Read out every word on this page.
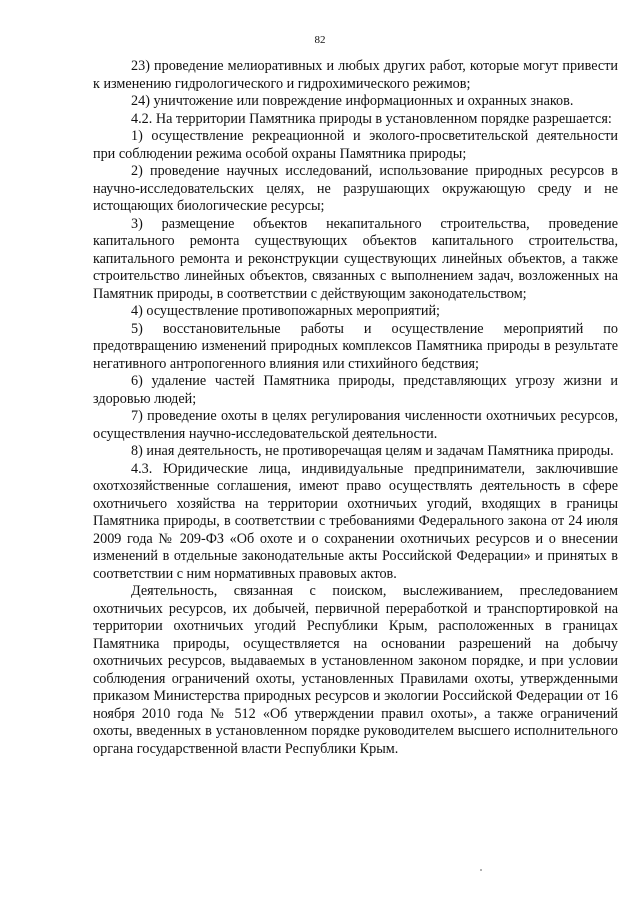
82

23) проведение мелиоративных и любых других работ, которые могут привести к изменению гидрологического и гидрохимического режимов;

24) уничтожение или повреждение информационных и охранных знаков.

4.2. На территории Памятника природы в установленном порядке разрешается:

1) осуществление рекреационной и эколого-просветительской деятельности при соблюдении режима особой охраны Памятника природы;

2) проведение научных исследований, использование природных ресурсов в научно-исследовательских целях, не разрушающих окружающую среду и не истощающих биологические ресурсы;

3) размещение объектов некапитального строительства, проведение капитального ремонта существующих объектов капитального строительства, капитального ремонта и реконструкции существующих линейных объектов, а также строительство линейных объектов, связанных с выполнением задач, возложенных на Памятник природы, в соответствии с действующим законодательством;

4) осуществление противопожарных мероприятий;

5) восстановительные работы и осуществление мероприятий по предотвращению изменений природных комплексов Памятника природы в результате негативного антропогенного влияния или стихийного бедствия;

6) удаление частей Памятника природы, представляющих угрозу жизни и здоровью людей;

7) проведение охоты в целях регулирования численности охотничьих ресурсов, осуществления научно-исследовательской деятельности.

8) иная деятельность, не противоречащая целям и задачам Памятника природы.

4.3. Юридические лица, индивидуальные предприниматели, заключившие охотхозяйственные соглашения, имеют право осуществлять деятельность в сфере охотничьего хозяйства на территории охотничьих угодий, входящих в границы Памятника природы, в соответствии с требованиями Федерального закона от 24 июля 2009 года № 209-ФЗ «Об охоте и о сохранении охотничьих ресурсов и о внесении изменений в отдельные законодательные акты Российской Федерации» и принятых в соответствии с ним нормативных правовых актов.

Деятельность, связанная с поиском, выслеживанием, преследованием охотничьих ресурсов, их добычей, первичной переработкой и транспортировкой на территории охотничьих угодий Республики Крым, расположенных в границах Памятника природы, осуществляется на основании разрешений на добычу охотничьих ресурсов, выдаваемых в установленном законом порядке, и при условии соблюдения ограничений охоты, установленных Правилами охоты, утвержденными приказом Министерства природных ресурсов и экологии Российской Федерации от 16 ноября 2010 года № 512 «Об утверждении правил охоты», а также ограничений охоты, введенных в установленном порядке руководителем высшего исполнительного органа государственной власти Республики Крым.
